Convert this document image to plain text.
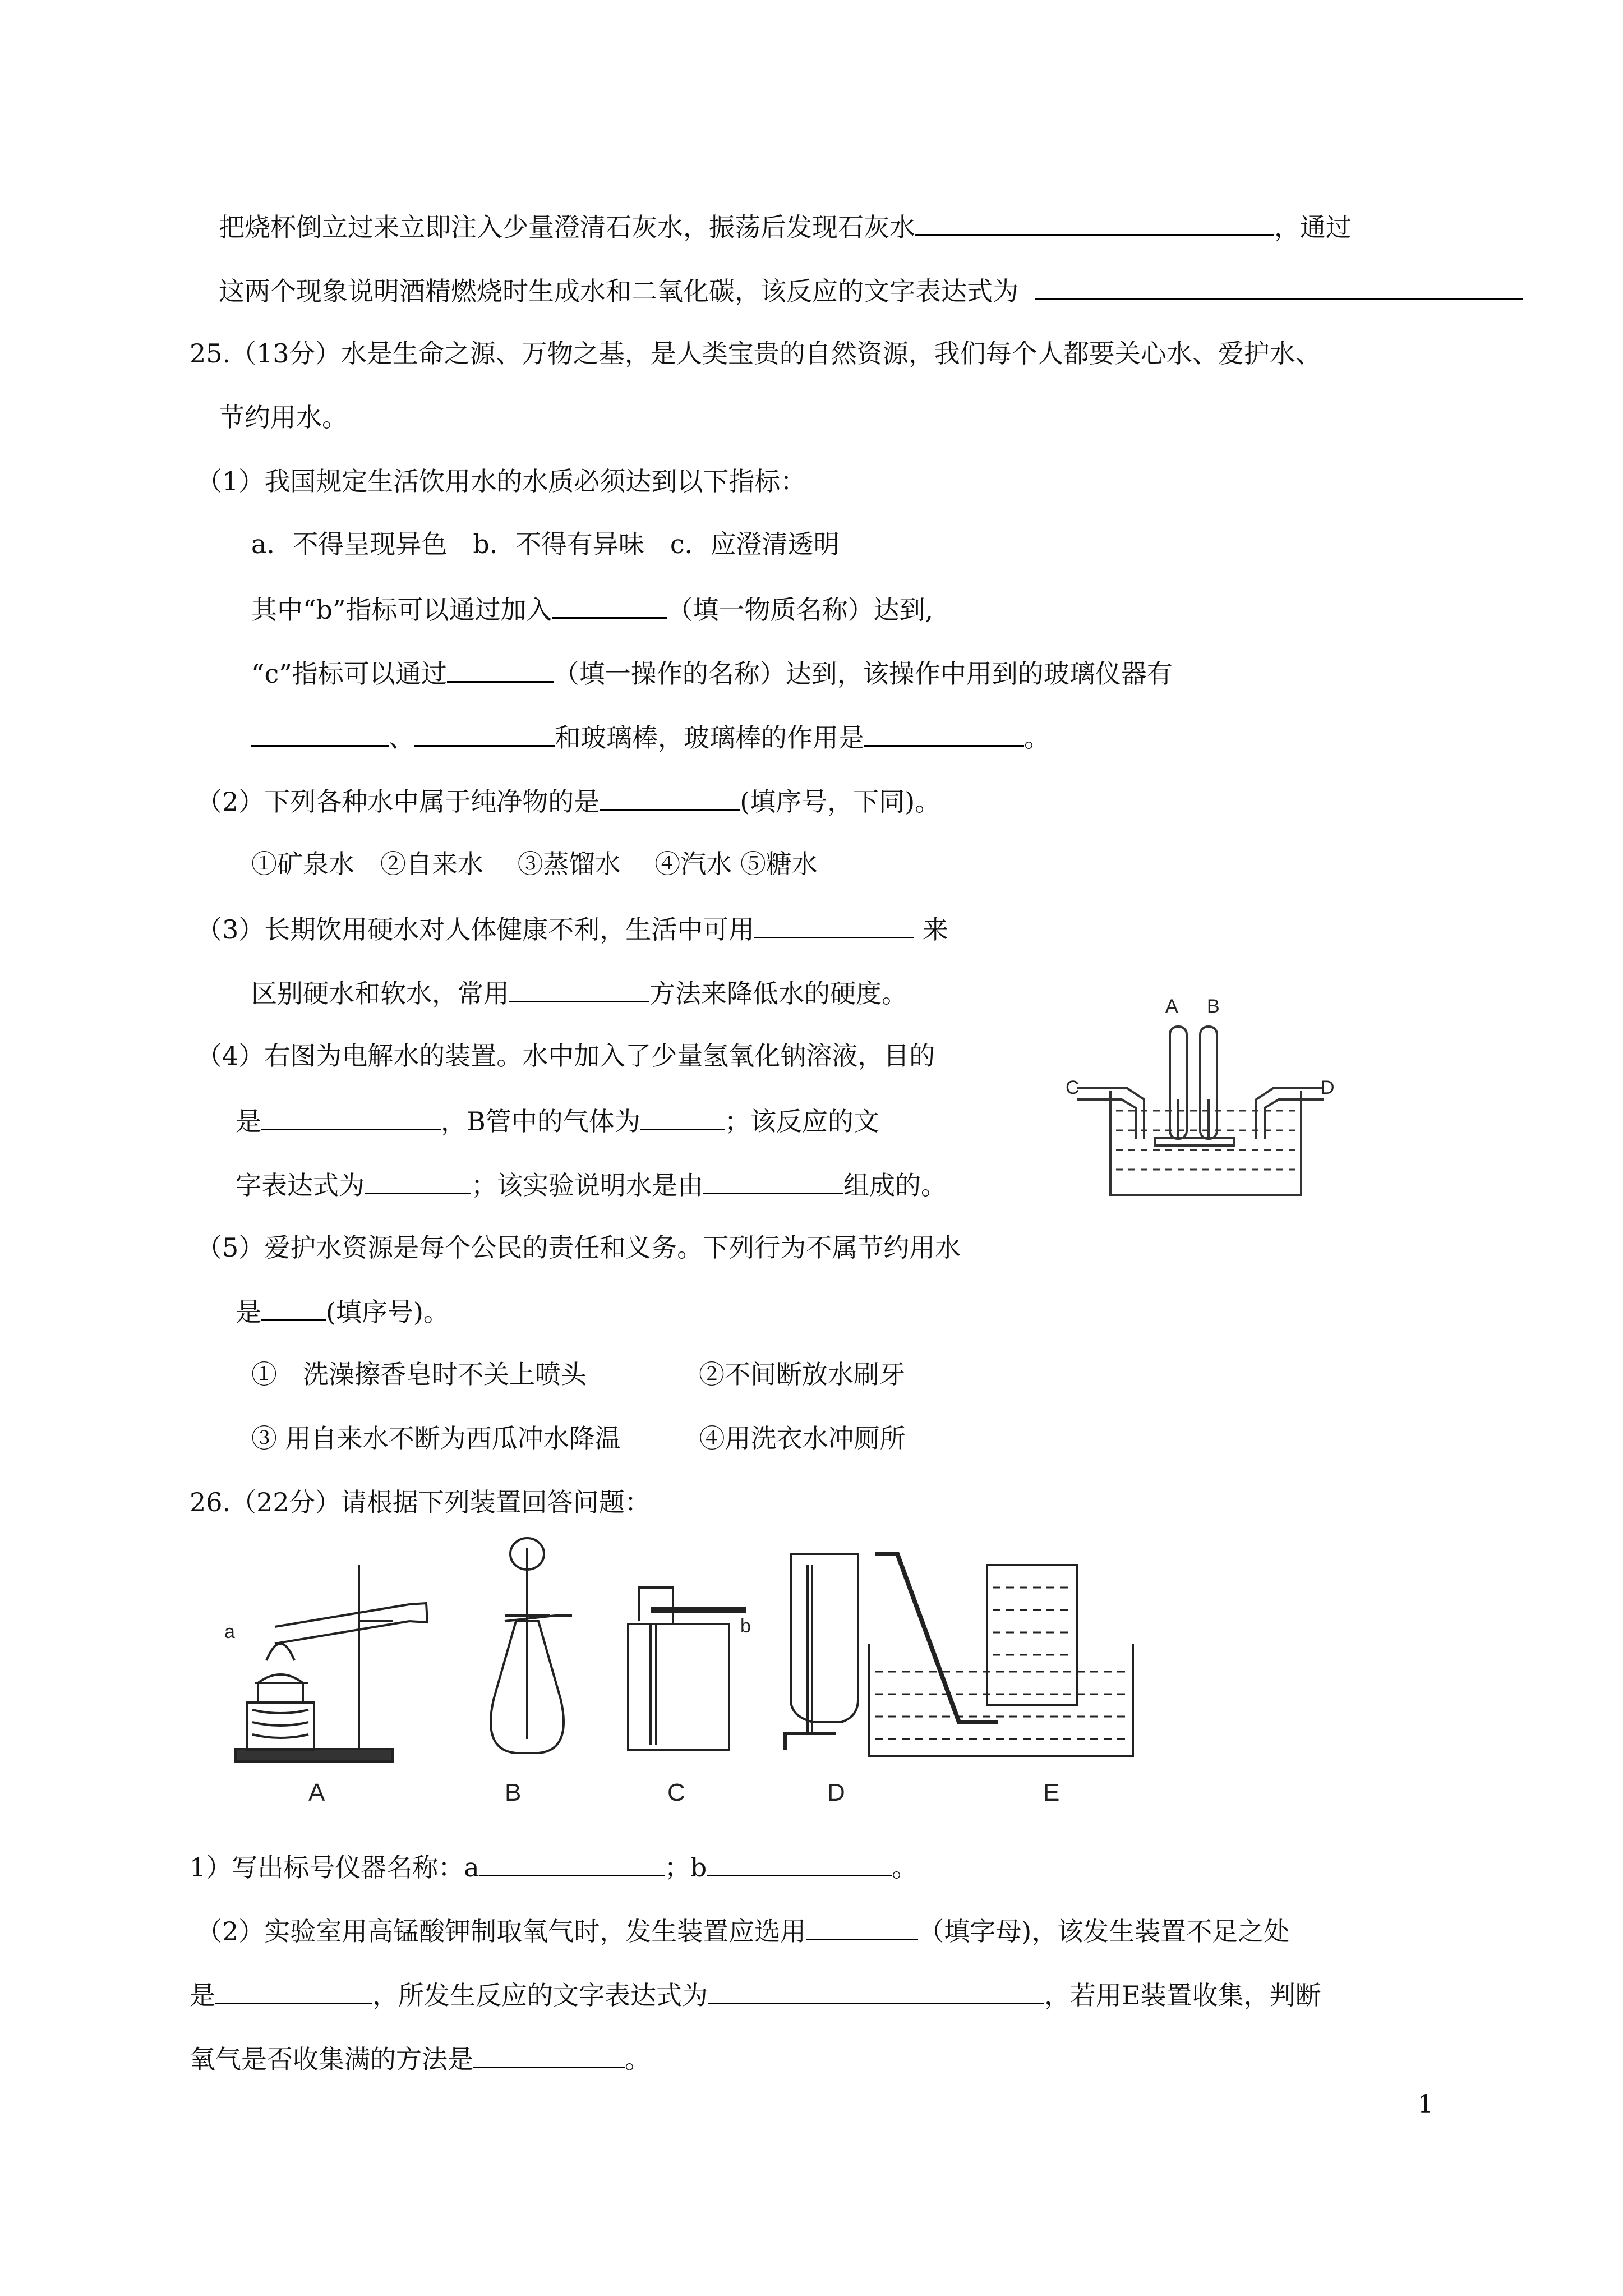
把烧杯倒立过来立即注入少量澄清石灰水，振荡后发现石灰水	，通过
这两个现象说明酒精燃烧时生成水和二氧化碳，该反应的文字表达式为
25.（13分）水是生命之源、万物之基，是人类宝贵的自然资源，我们每个人都要关心水、爱护水、
节约用水。
（1）我国规定生活饮用水的水质必须达到以下指标：
a．不得呈现异色　b．不得有异味　c．应澄清透明
其中“b”指标可以通过加入	（填一物质名称）达到,
“c”指标可以通过	（填一操作的名称）达到，该操作中用到的玻璃仪器有
、	和玻璃棒，玻璃棒的作用是	。
（2）下列各种水中属于纯净物的是	(填序号，下同)。
①矿泉水　②自来水　 ③蒸馏水　 ④汽水 ⑤糖水
（3）长期饮用硬水对人体健康不利，生活中可用	来
区别硬水和软水，常用	方法来降低水的硬度。
（4）右图为电解水的装置。水中加入了少量氢氧化钠溶液，目的
是	，B管中的气体为	；该反应的文
字表达式为	；该实验说明水是由	组成的。
（5）爱护水资源是每个公民的责任和义务。下列行为不属节约用水
是	(填序号)。
①　洗澡擦香皂时不关上喷头	②不间断放水刷牙
③ 用自来水不断为西瓜冲水降温	④用洗衣水冲厕所
26.（22分）请根据下列装置回答问题：
1）写出标号仪器名称：a	；b	。
（2）实验室用高锰酸钾制取氧气时，发生装置应选用	（填字母)，该发生装置不足之处
是	，所发生反应的文字表达式为	，若用E装置收集，判断
氧气是否收集满的方法是	。
A B
C	D
a	b
A	B	C	D	E
1
